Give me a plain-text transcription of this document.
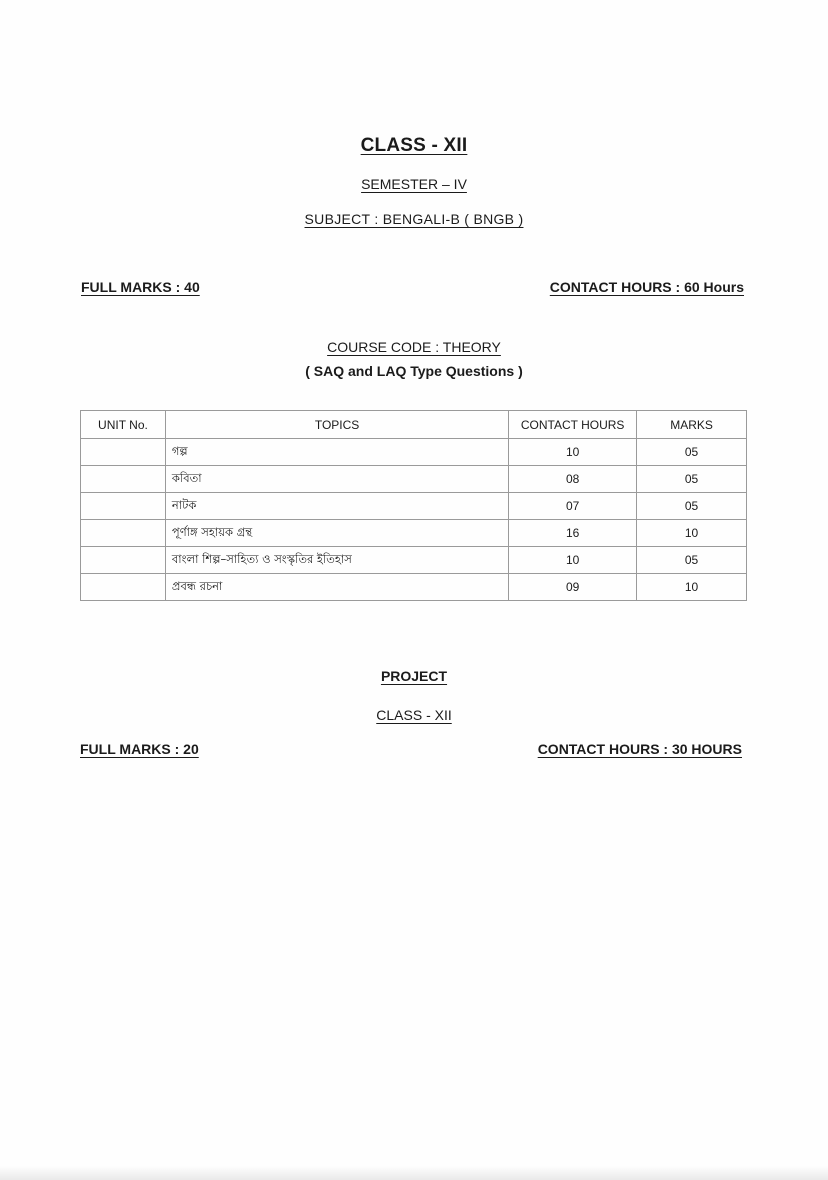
CLASS - XII
SEMESTER – IV
SUBJECT : BENGALI-B ( BNGB )
FULL MARKS : 40	CONTACT HOURS : 60 Hours
COURSE CODE : THEORY
( SAQ and LAQ Type Questions )
UNIT No.	TOPICS	CONTACT HOURS	MARKS
	গল্প	10	05
	কবিতা	08	05
	নাটক	07	05
	পূর্ণাঙ্গ সহায়ক গ্রন্থ	16	10
	বাংলা শিল্প–সাহিত্য ও সংস্কৃতির ইতিহাস	10	05
	প্রবন্ধ রচনা	09	10
PROJECT
CLASS - XII
FULL MARKS : 20	CONTACT HOURS : 30 HOURS
